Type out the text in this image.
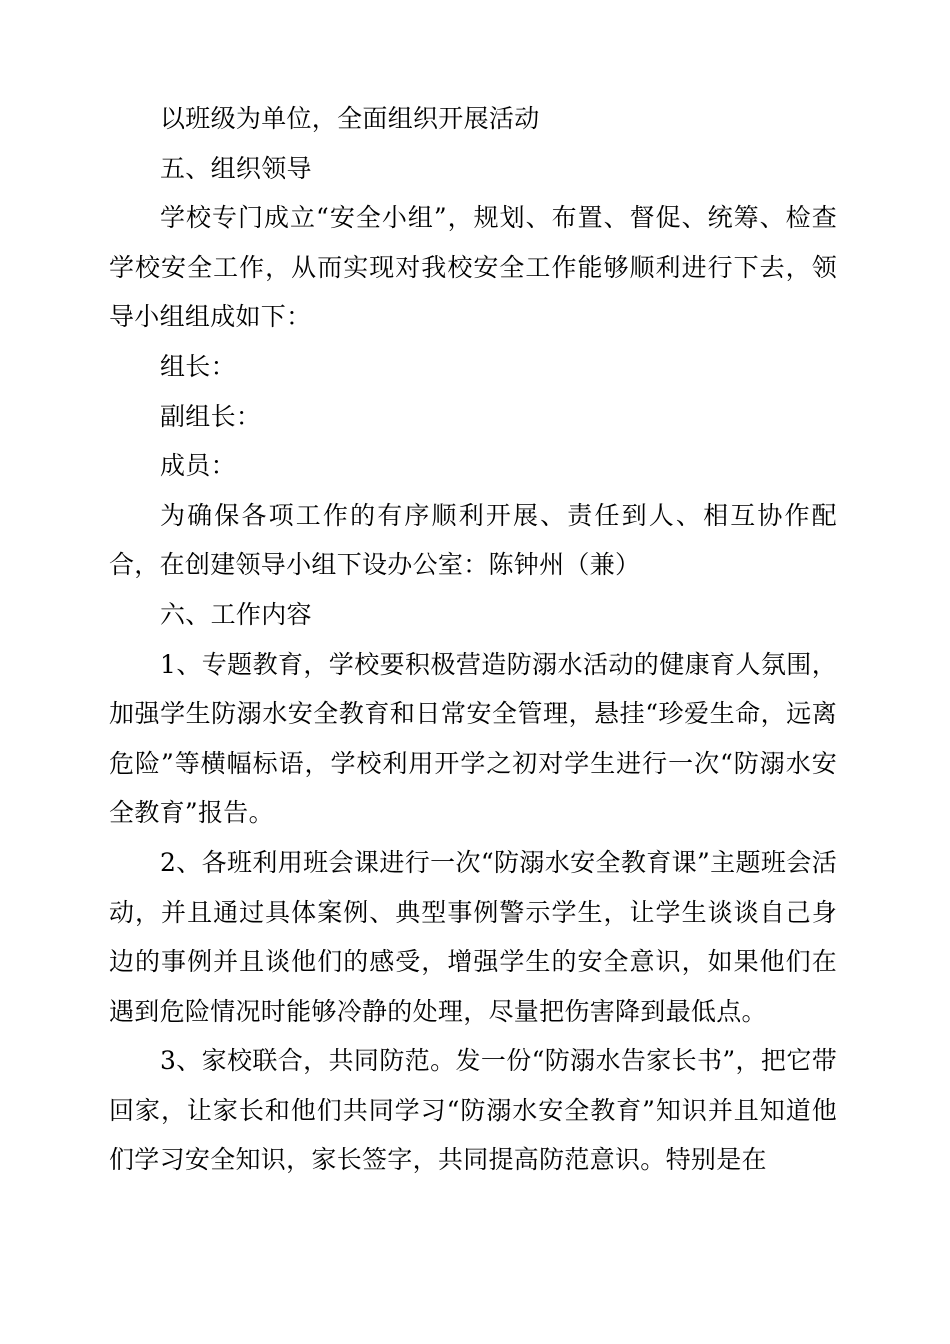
以班级为单位，全面组织开展活动

五、组织领导

学校专门成立“安全小组”，规划、布置、督促、统筹、检查学校安全工作，从而实现对我校安全工作能够顺利进行下去，领导小组组成如下：

组长：

副组长：

成员：

为确保各项工作的有序顺利开展、责任到人、相互协作配合，在创建领导小组下设办公室：陈钟州（兼）

六、工作内容

1、专题教育，学校要积极营造防溺水活动的健康育人氛围，加强学生防溺水安全教育和日常安全管理，悬挂“珍爱生命，远离危险”等横幅标语，学校利用开学之初对学生进行一次“防溺水安全教育”报告。

2、各班利用班会课进行一次“防溺水安全教育课”主题班会活动，并且通过具体案例、典型事例警示学生，让学生谈谈自己身边的事例并且谈他们的感受，增强学生的安全意识，如果他们在遇到危险情况时能够冷静的处理，尽量把伤害降到最低点。

3、家校联合，共同防范。发一份“防溺水告家长书”，把它带回家，让家长和他们共同学习“防溺水安全教育”知识并且知道他们学习安全知识，家长签字，共同提高防范意识。特别是在
